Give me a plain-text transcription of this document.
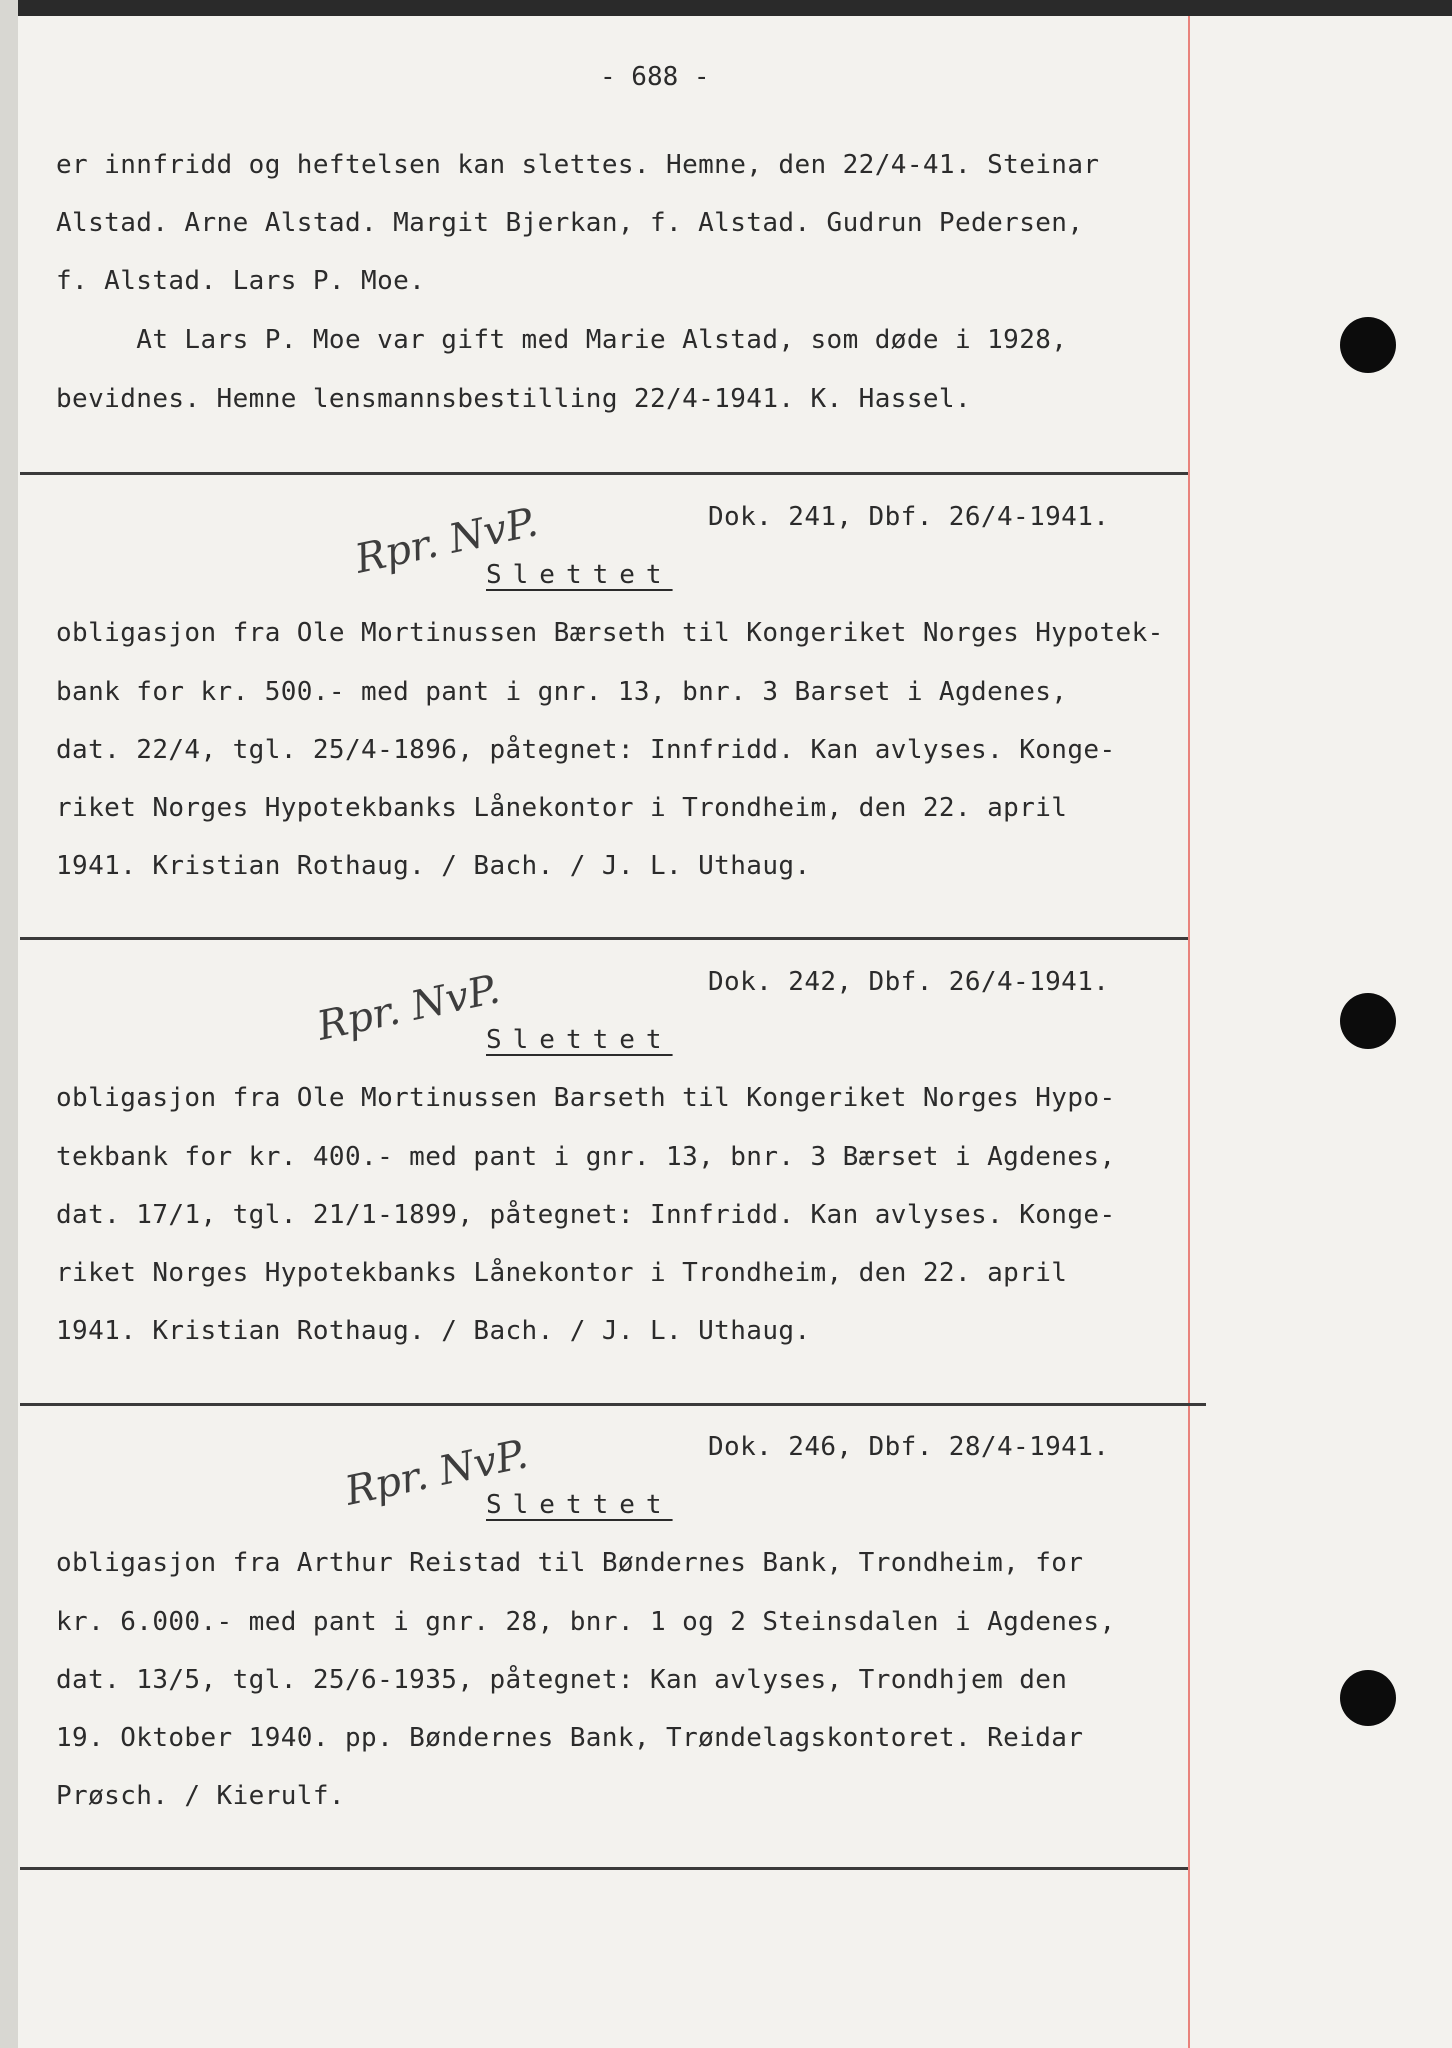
- 688 -
er innfridd og heftelsen kan slettes. Hemne, den 22/4-41. Steinar
Alstad. Arne Alstad. Margit Bjerkan, f. Alstad. Gudrun Pedersen,
f. Alstad. Lars P. Moe.
At Lars P. Moe var gift med Marie Alstad, som døde i 1928,
bevidnes. Hemne lensmannsbestilling 22/4-1941. K. Hassel.
Dok. 241, Dbf. 26/4-1941.
Rpr. NvP.
Slettet
obligasjon fra Ole Mortinussen Bærseth til Kongeriket Norges Hypotek-
bank for kr. 500.- med pant i gnr. 13, bnr. 3 Barset i Agdenes,
dat. 22/4, tgl. 25/4-1896, påtegnet: Innfridd. Kan avlyses. Konge-
riket Norges Hypotekbanks Lånekontor i Trondheim, den 22. april
1941. Kristian Rothaug. / Bach. / J. L. Uthaug.
Dok. 242, Dbf. 26/4-1941.
Rpr. NvP.
Slettet
obligasjon fra Ole Mortinussen Barseth til Kongeriket Norges Hypo-
tekbank for kr. 400.- med pant i gnr. 13, bnr. 3 Bærset i Agdenes,
dat. 17/1, tgl. 21/1-1899, påtegnet: Innfridd. Kan avlyses. Konge-
riket Norges Hypotekbanks Lånekontor i Trondheim, den 22. april
1941. Kristian Rothaug. / Bach. / J. L. Uthaug.
Dok. 246, Dbf. 28/4-1941.
Rpr. NvP.
Slettet
obligasjon fra Arthur Reistad til Bøndernes Bank, Trondheim, for
kr. 6.000.- med pant i gnr. 28, bnr. 1 og 2 Steinsdalen i Agdenes,
dat. 13/5, tgl. 25/6-1935, påtegnet: Kan avlyses, Trondhjem den
19. Oktober 1940. pp. Bøndernes Bank, Trøndelagskontoret. Reidar
Prøsch. / Kierulf.
